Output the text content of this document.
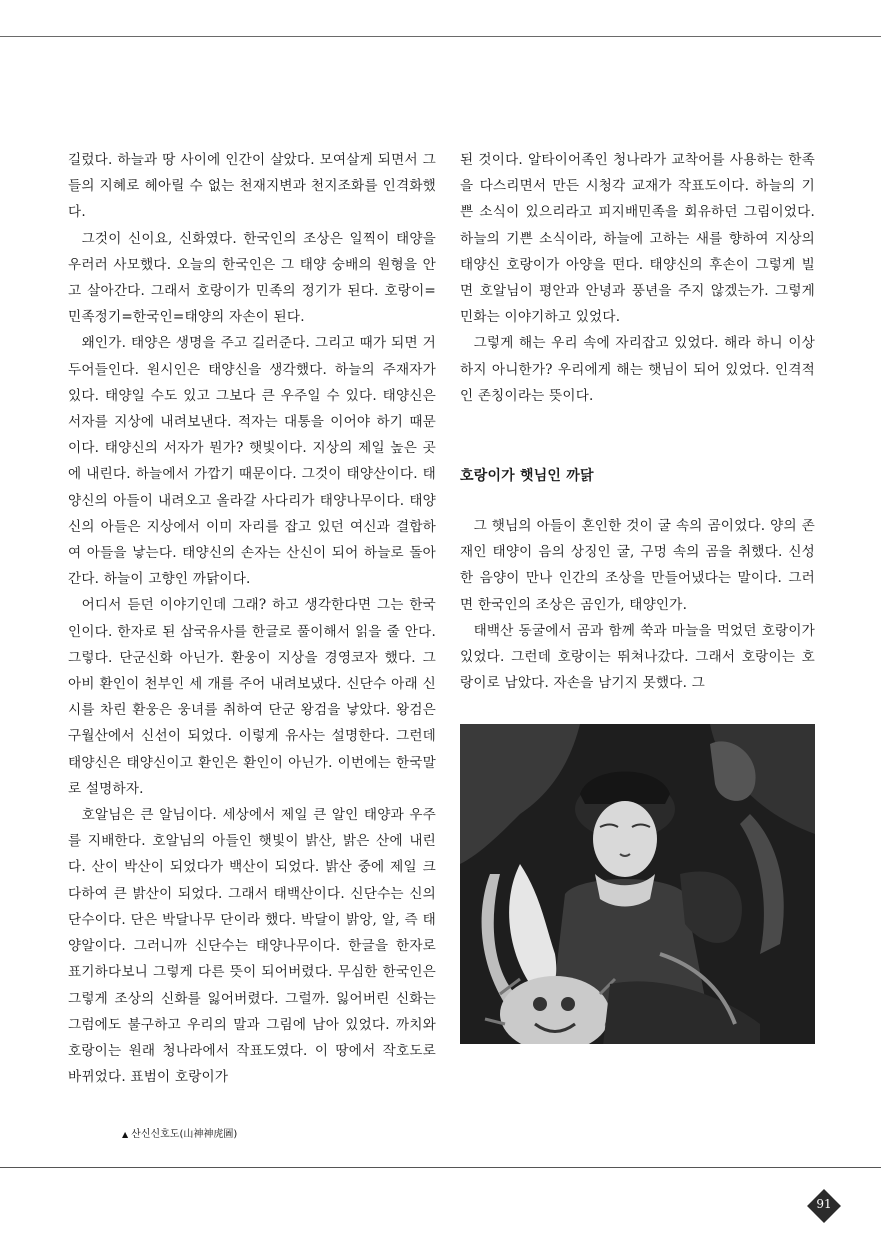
길렀다. 하늘과 땅 사이에 인간이 살았다. 모여살게 되면서 그들의 지혜로 헤아릴 수 없는 천재지변과 천지조화를 인격화했다.

그것이 신이요, 신화였다. 한국인의 조상은 일찍이 태양을 우러러 사모했다. 오늘의 한국인은 그 태양 숭배의 원형을 안고 살아간다. 그래서 호랑이가 민족의 정기가 된다. 호랑이=민족정기=한국인=태양의 자손이 된다.

왜인가. 태양은 생명을 주고 길러준다. 그리고 때가 되면 거두어들인다. 원시인은 태양신을 생각했다. 하늘의 주재자가 있다. 태양일 수도 있고 그보다 큰 우주일 수 있다. 태양신은 서자를 지상에 내려보낸다. 적자는 대통을 이어야 하기 때문이다. 태양신의 서자가 뭔가? 햇빛이다. 지상의 제일 높은 곳에 내린다. 하늘에서 가깝기 때문이다. 그것이 태양산이다. 태양신의 아들이 내려오고 올라갈 사다리가 태양나무이다. 태양신의 아들은 지상에서 이미 자리를 잡고 있던 여신과 결합하여 아들을 낳는다. 태양신의 손자는 산신이 되어 하늘로 돌아간다. 하늘이 고향인 까닭이다.

어디서 듣던 이야기인데 그래? 하고 생각한다면 그는 한국인이다. 한자로 된 삼국유사를 한글로 풀이해서 읽을 줄 안다. 그렇다. 단군신화 아닌가. 환웅이 지상을 경영코자 했다. 그 아비 환인이 천부인 세 개를 주어 내려보냈다. 신단수 아래 신시를 차린 환웅은 웅녀를 취하여 단군 왕검을 낳았다. 왕검은 구월산에서 신선이 되었다. 이렇게 유사는 설명한다. 그런데 태양신은 태양신이고 환인은 환인이 아닌가. 이번에는 한국말로 설명하자.

호알님은 큰 알님이다. 세상에서 제일 큰 알인 태양과 우주를 지배한다. 호알님의 아들인 햇빛이 밝산, 밝은 산에 내린다. 산이 박산이 되었다가 백산이 되었다. 밝산 중에 제일 크다하여 큰 밝산이 되었다. 그래서 태백산이다. 신단수는 신의 단수이다. 단은 박달나무 단이라 했다. 박달이 밝앙, 알, 즉 태양알이다. 그러니까 신단수는 태양나무이다. 한글을 한자로 표기하다보니 그렇게 다른 뜻이 되어버렸다. 무심한 한국인은 그렇게 조상의 신화를 잃어버렸다. 그럴까. 잃어버린 신화는 그럼에도 불구하고 우리의 말과 그림에 남아 있었다. 까치와 호랑이는 원래 청나라에서 작표도였다. 이 땅에서 작호도로 바뀌었다. 표범이 호랑이가

된 것이다. 알타이어족인 청나라가 교착어를 사용하는 한족을 다스리면서 만든 시청각 교재가 작표도이다. 하늘의 기쁜 소식이 있으리라고 피지배민족을 회유하던 그림이었다. 하늘의 기쁜 소식이라, 하늘에 고하는 새를 향하여 지상의 태양신 호랑이가 아양을 떤다. 태양신의 후손이 그렇게 빌면 호알님이 평안과 안녕과 풍년을 주지 않겠는가. 그렇게 민화는 이야기하고 있었다.

그렇게 해는 우리 속에 자리잡고 있었다. 해라 하니 이상하지 아니한가? 우리에게 해는 햇님이 되어 있었다. 인격적인 존칭이라는 뜻이다.

호랑이가 햇님인 까닭

그 햇님의 아들이 혼인한 것이 굴 속의 곰이었다. 양의 존재인 태양이 음의 상징인 굴, 구멍 속의 곰을 취했다. 신성한 음양이 만나 인간의 조상을 만들어냈다는 말이다. 그러면 한국인의 조상은 곰인가, 태양인가.

태백산 동굴에서 곰과 함께 쑥과 마늘을 먹었던 호랑이가 있었다. 그런데 호랑이는 뛰쳐나갔다. 그래서 호랑이는 호랑이로 남았다. 자손을 남기지 못했다. 그

▲ 산신신호도(山神神虎圖)
91
